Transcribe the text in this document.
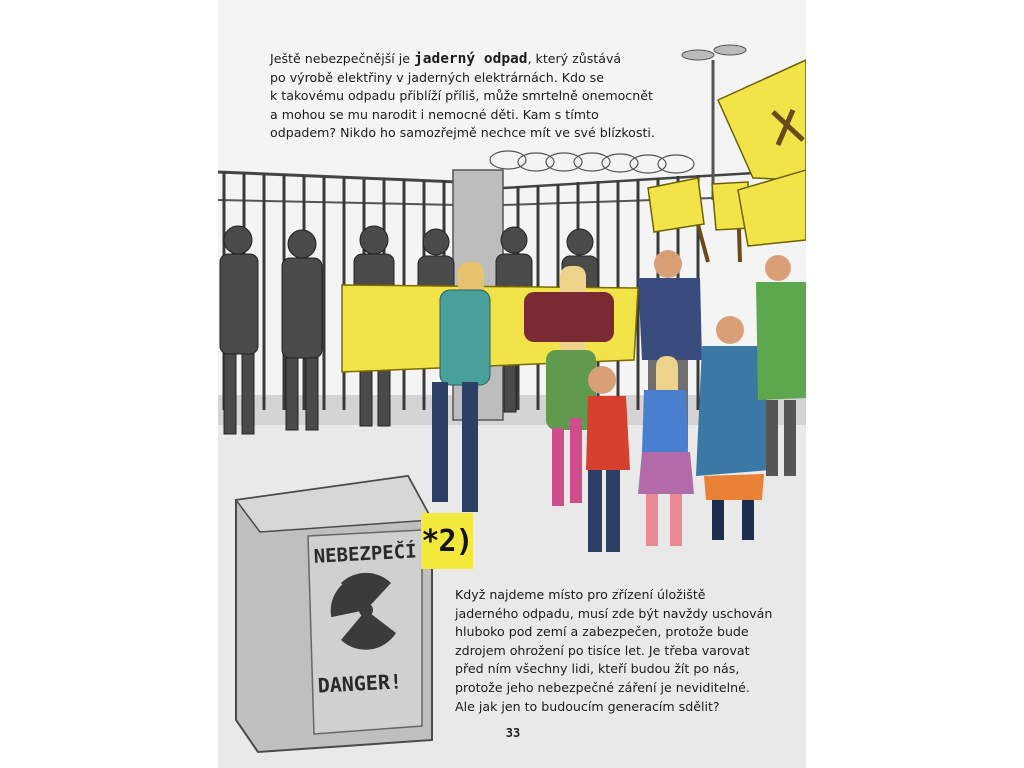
NEBEZPEČÍ
DANGER!

Ještě nebezpečnější je jaderný odpad, který zůstává

po výrobě elektřiny v jaderných elektrárnách. Kdo se

k takovému odpadu přiblíží příliš, může smrtelně onemocnět

a mohou se mu narodit i nemocné děti. Kam s tímto

odpadem? Nikdo ho samozřejmě nechce mít ve své blízkosti.

*2)

Když najdeme místo pro zřízení úložiště

jaderného odpadu, musí zde být navždy uschován

hluboko pod zemí a zabezpečen, protože bude

zdrojem ohrožení po tisíce let. Je třeba varovat

před ním všechny lidi, kteří budou žít po nás,

protože jeho nebezpečné záření je neviditelné.

Ale jak jen to budoucím generacím sdělit?

33
